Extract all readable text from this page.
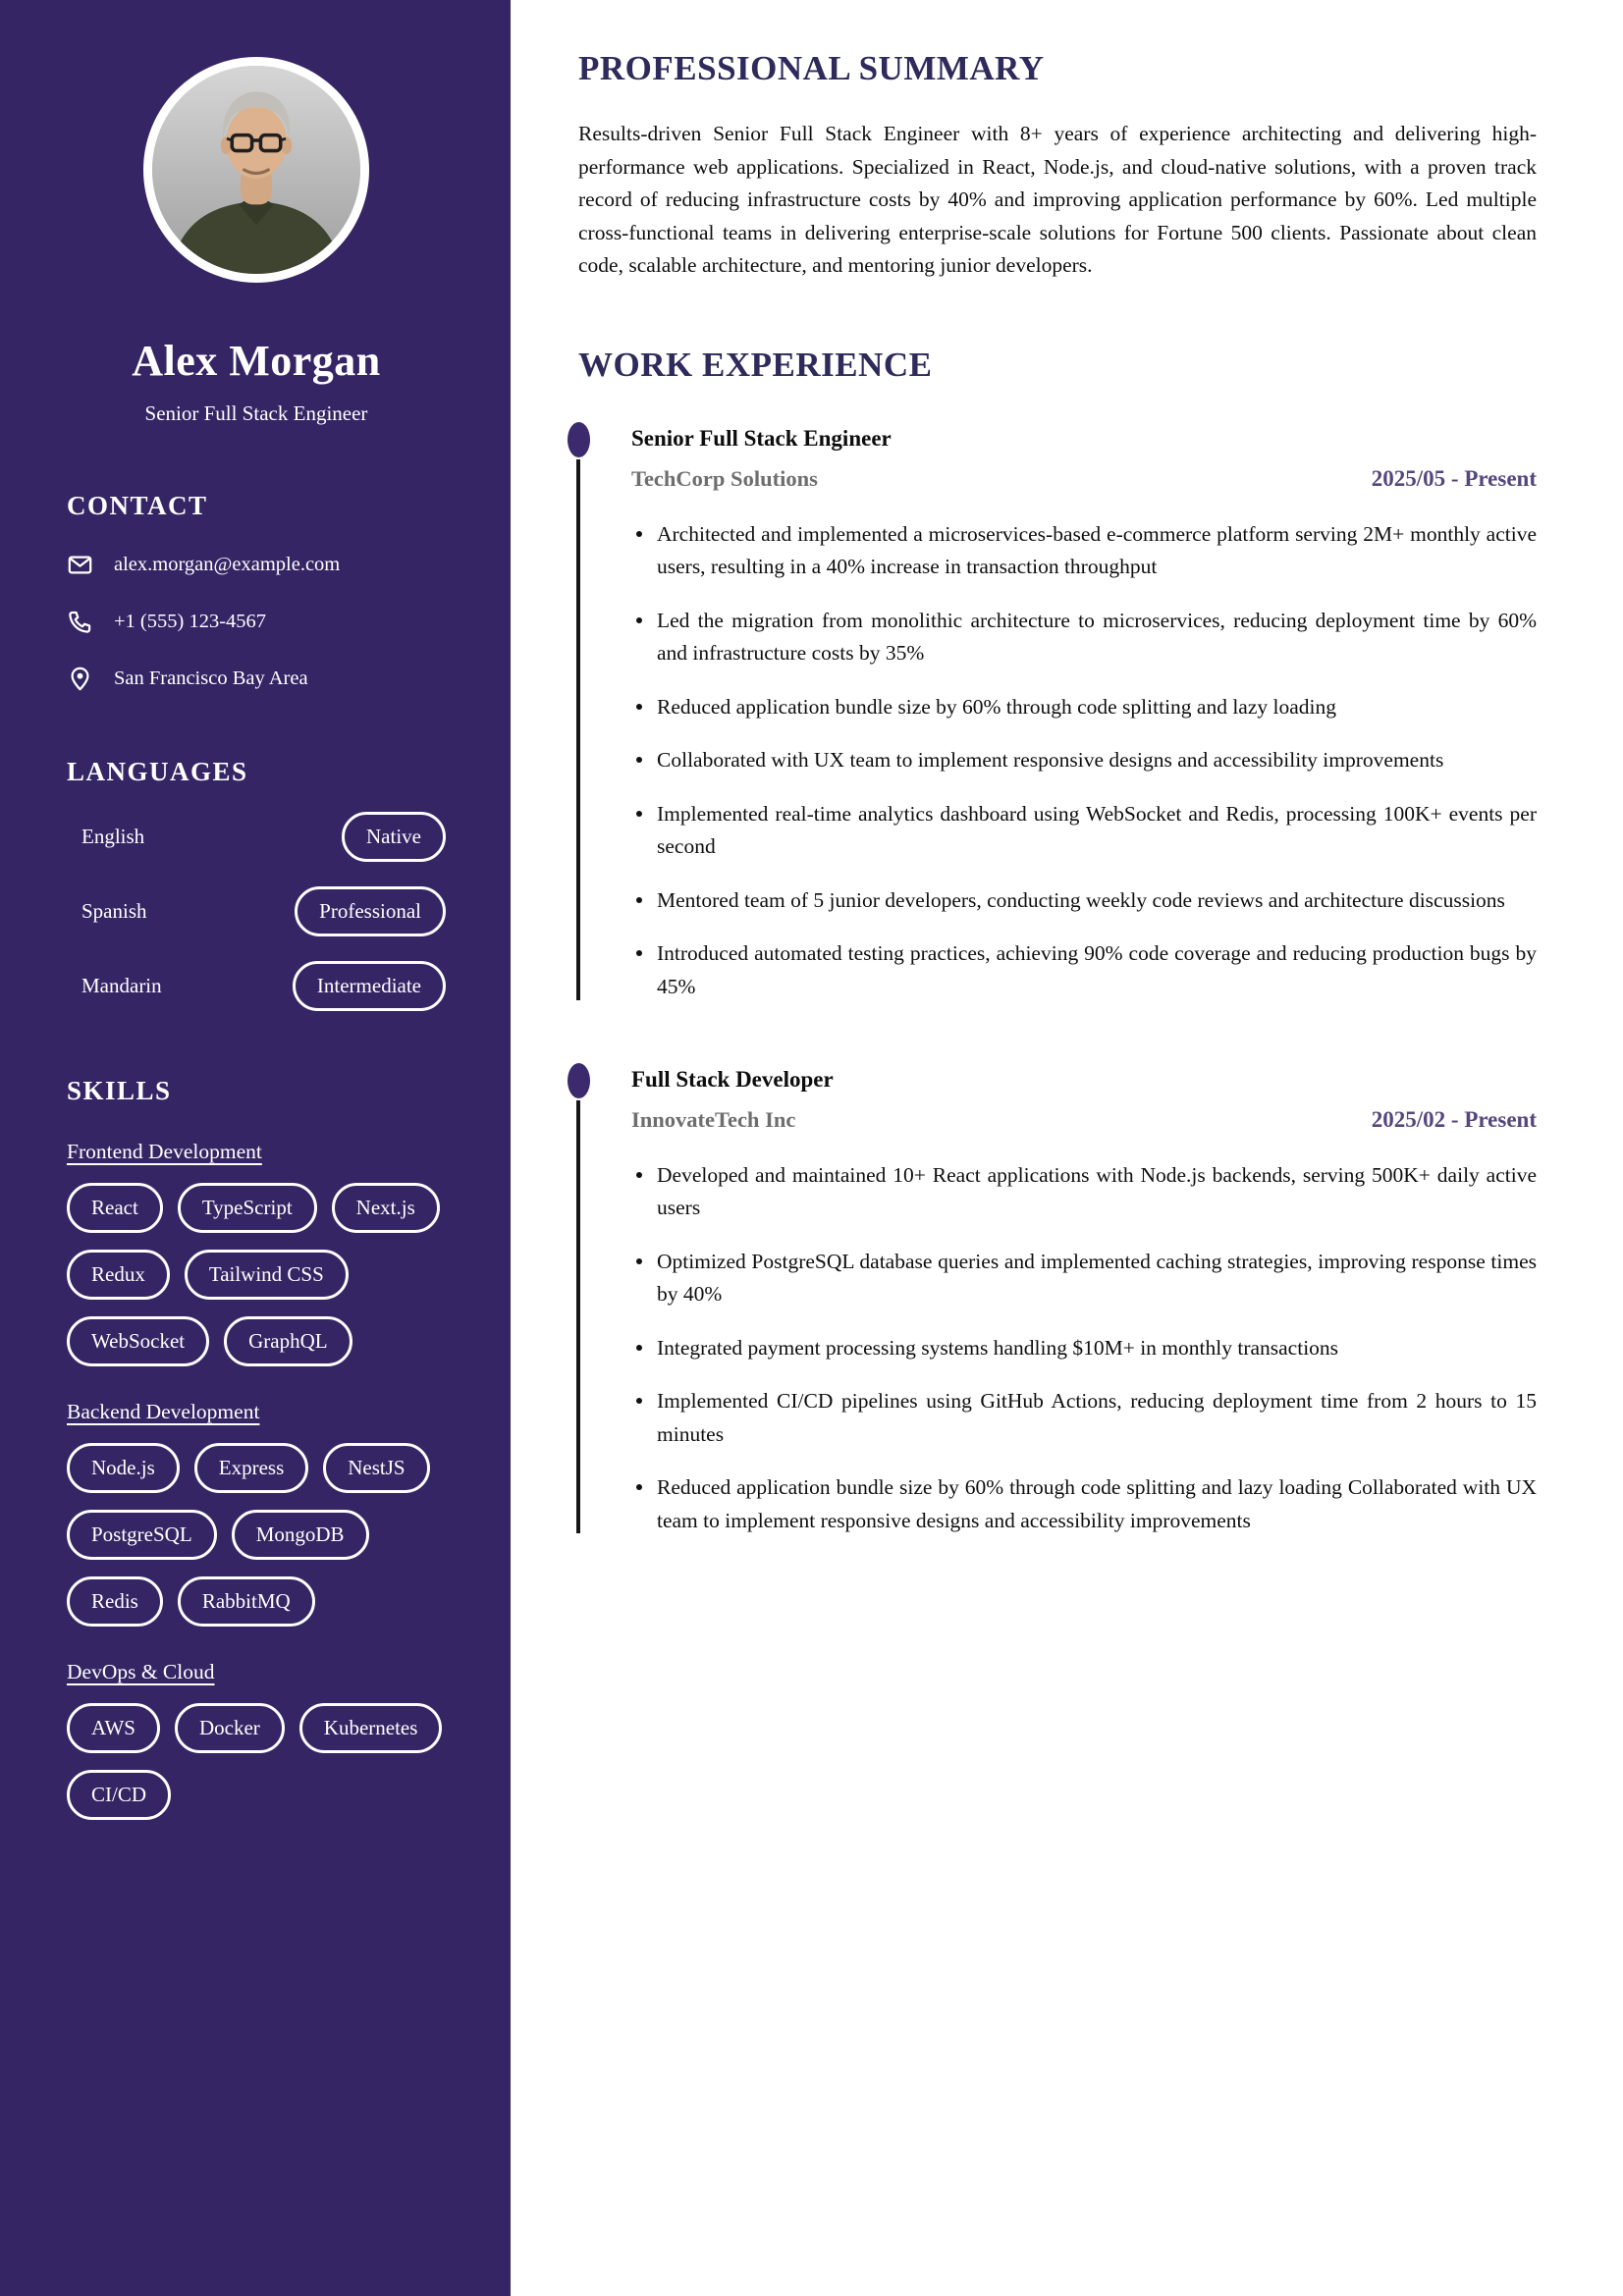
Alex Morgan
Senior Full Stack Engineer
CONTACT
alex.morgan@example.com
+1 (555) 123-4567
San Francisco Bay Area
LANGUAGES
English	Native
Spanish	Professional
Mandarin	Intermediate
SKILLS
Frontend Development
React	TypeScript	Next.js
Redux	Tailwind CSS
WebSocket	GraphQL
Backend Development
Node.js	Express	NestJS
PostgreSQL	MongoDB
Redis	RabbitMQ
DevOps & Cloud
AWS	Docker	Kubernetes
CI/CD
PROFESSIONAL SUMMARY

Results-driven Senior Full Stack Engineer with 8+ years of experience architecting and delivering high-performance web applications. Specialized in React, Node.js, and cloud-native solutions, with a proven track record of reducing infrastructure costs by 40% and improving application performance by 60%. Led multiple cross-functional teams in delivering enterprise-scale solutions for Fortune 500 clients. Passionate about clean code, scalable architecture, and mentoring junior developers.

WORK EXPERIENCE
Senior Full Stack Engineer
TechCorp Solutions	2025/05 - Present
Architected and implemented a microservices-based e-commerce platform serving 2M+ monthly active users, resulting in a 40% increase in transaction throughput
Led the migration from monolithic architecture to microservices, reducing deployment time by 60% and infrastructure costs by 35%
Reduced application bundle size by 60% through code splitting and lazy loading
Collaborated with UX team to implement responsive designs and accessibility improvements
Implemented real-time analytics dashboard using WebSocket and Redis, processing 100K+ events per second
Mentored team of 5 junior developers, conducting weekly code reviews and architecture discussions
Introduced automated testing practices, achieving 90% code coverage and reducing production bugs by 45%
Full Stack Developer
InnovateTech Inc	2025/02 - Present
Developed and maintained 10+ React applications with Node.js backends, serving 500K+ daily active users
Optimized PostgreSQL database queries and implemented caching strategies, improving response times by 40%
Integrated payment processing systems handling $10M+ in monthly transactions
Implemented CI/CD pipelines using GitHub Actions, reducing deployment time from 2 hours to 15 minutes
Reduced application bundle size by 60% through code splitting and lazy loading Collaborated with UX team to implement responsive designs and accessibility improvements
